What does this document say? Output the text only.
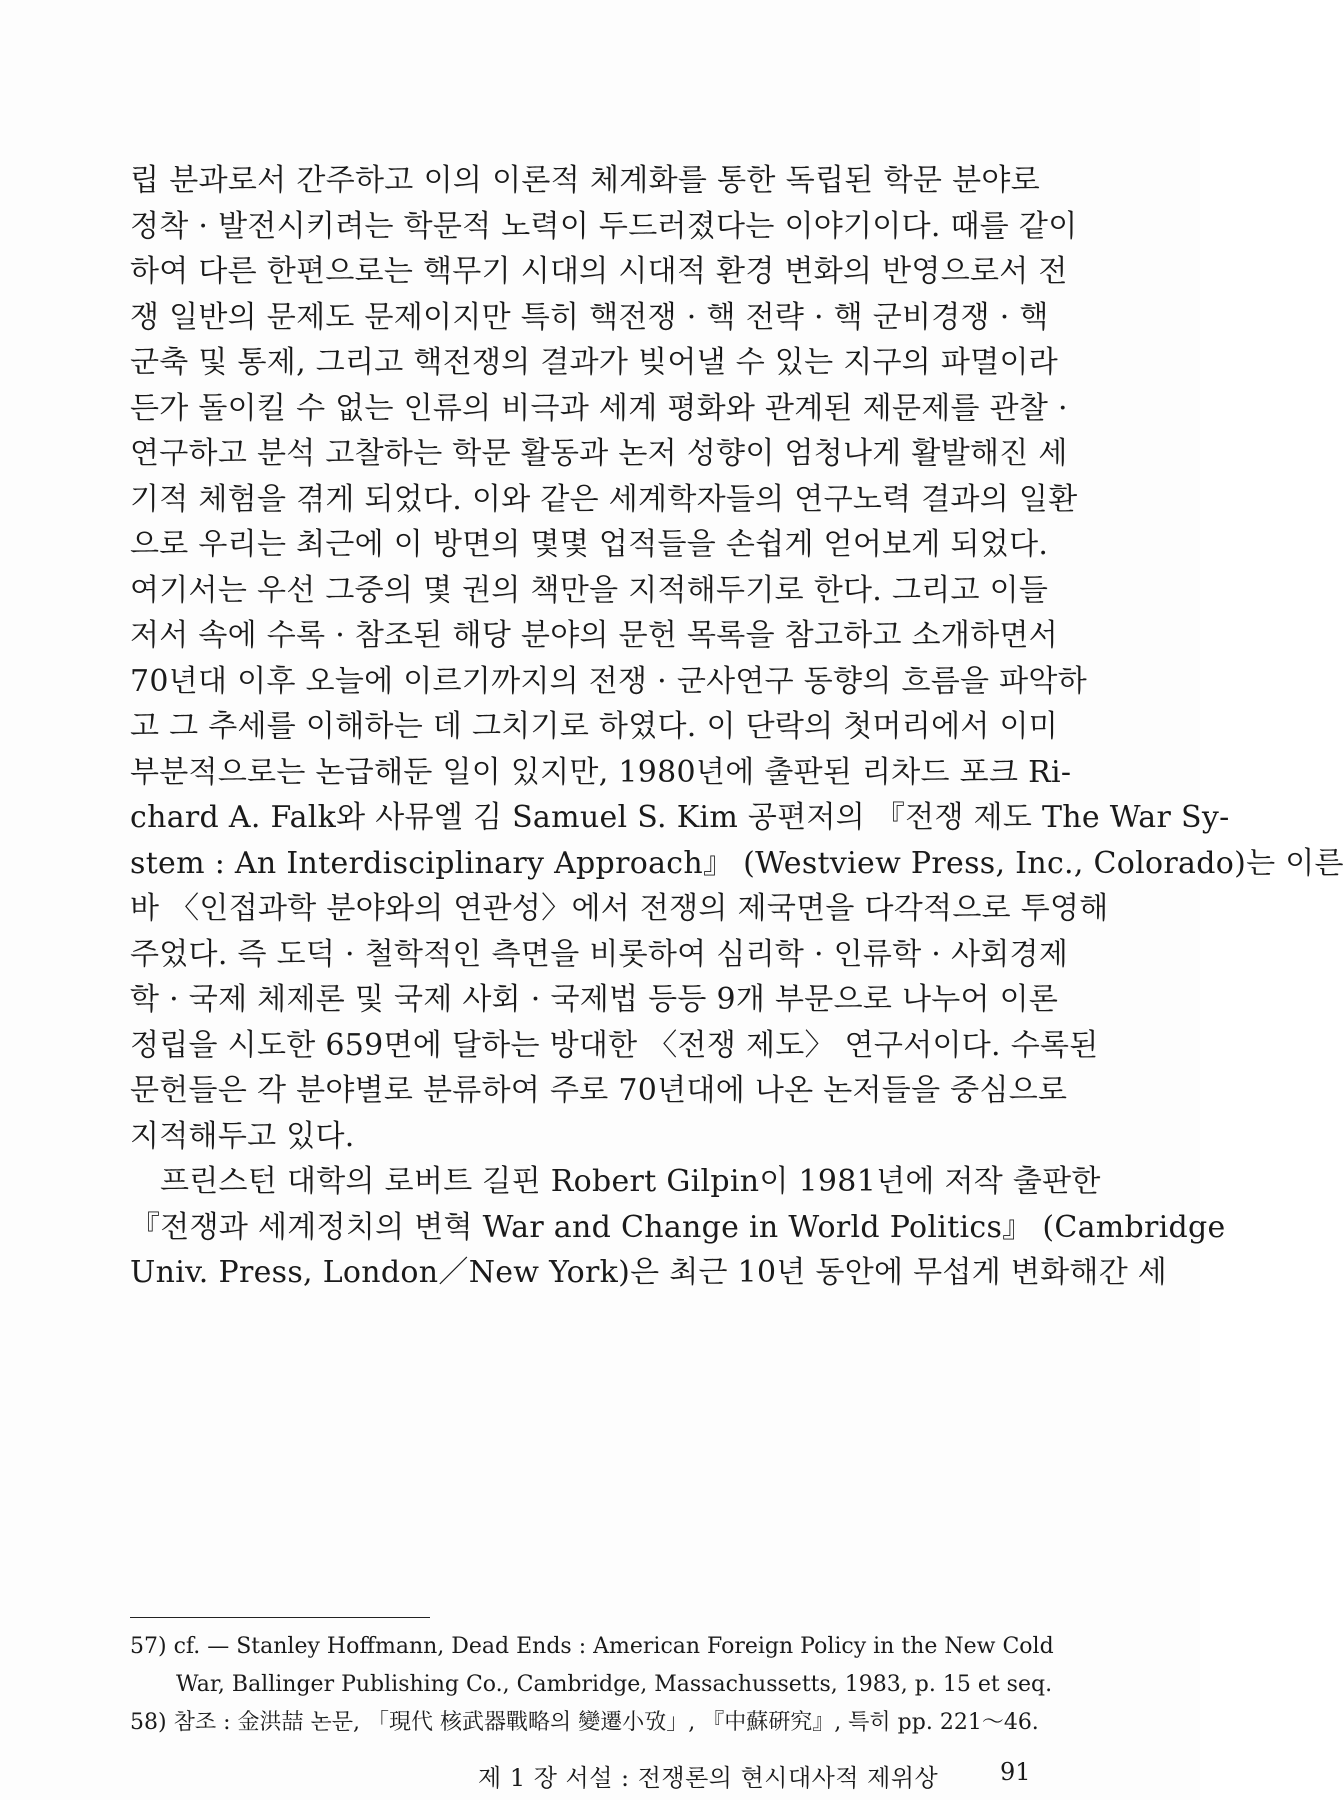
립 분과로서 간주하고 이의 이론적 체계화를 통한 독립된 학문 분야로
정착 · 발전시키려는 학문적 노력이 두드러졌다는 이야기이다. 때를 같이
하여 다른 한편으로는 핵무기 시대의 시대적 환경 변화의 반영으로서 전
쟁 일반의 문제도 문제이지만 특히 핵전쟁 · 핵 전략 · 핵 군비경쟁 · 핵
군축 및 통제, 그리고 핵전쟁의 결과가 빚어낼 수 있는 지구의 파멸이라
든가 돌이킬 수 없는 인류의 비극과 세계 평화와 관계된 제문제를 관찰 ·
연구하고 분석 고찰하는 학문 활동과 논저 성향이 엄청나게 활발해진 세
기적 체험을 겪게 되었다. 이와 같은 세계학자들의 연구노력 결과의 일환
으로 우리는 최근에 이 방면의 몇몇 업적들을 손쉽게 얻어보게 되었다.
여기서는 우선 그중의 몇 권의 책만을 지적해두기로 한다. 그리고 이들
저서 속에 수록 · 참조된 해당 분야의 문헌 목록을 참고하고 소개하면서
70년대 이후 오늘에 이르기까지의 전쟁 · 군사연구 동향의 흐름을 파악하
고 그 추세를 이해하는 데 그치기로 하였다. 이 단락의 첫머리에서 이미
부분적으로는 논급해둔 일이 있지만, 1980년에 출판된 리차드 포크 Ri-
chard A. Falk와 사뮤엘 김 Samuel S. Kim 공편저의 『전쟁 제도 The War Sy-
stem : An Interdisciplinary Approach』 (Westview Press, Inc., Colorado)는 이른
바 〈인접과학 분야와의 연관성〉에서 전쟁의 제국면을 다각적으로 투영해
주었다. 즉 도덕 · 철학적인 측면을 비롯하여 심리학 · 인류학 · 사회경제
학 · 국제 체제론 및 국제 사회 · 국제법 등등 9개 부문으로 나누어 이론
정립을 시도한 659면에 달하는 방대한 〈전쟁 제도〉 연구서이다. 수록된
문헌들은 각 분야별로 분류하여 주로 70년대에 나온 논저들을 중심으로
지적해두고 있다.
프린스턴 대학의 로버트 길핀 Robert Gilpin이 1981년에 저작 출판한
『전쟁과 세계정치의 변혁 War and Change in World Politics』 (Cambridge
Univ. Press, London／New York)은 최근 10년 동안에 무섭게 변화해간 세
57) cf. — Stanley Hoffmann, Dead Ends : American Foreign Policy in the New Cold
War, Ballinger Publishing Co., Cambridge, Massachussetts, 1983, p. 15 et seq.
58) 참조 : 金洪喆 논문, 「現代 核武器戰略의 變遷小攷」, 『中蘇硏究』, 특히 pp. 221～46.
제 1 장 서설 : 전쟁론의 현시대사적 제위상	91
